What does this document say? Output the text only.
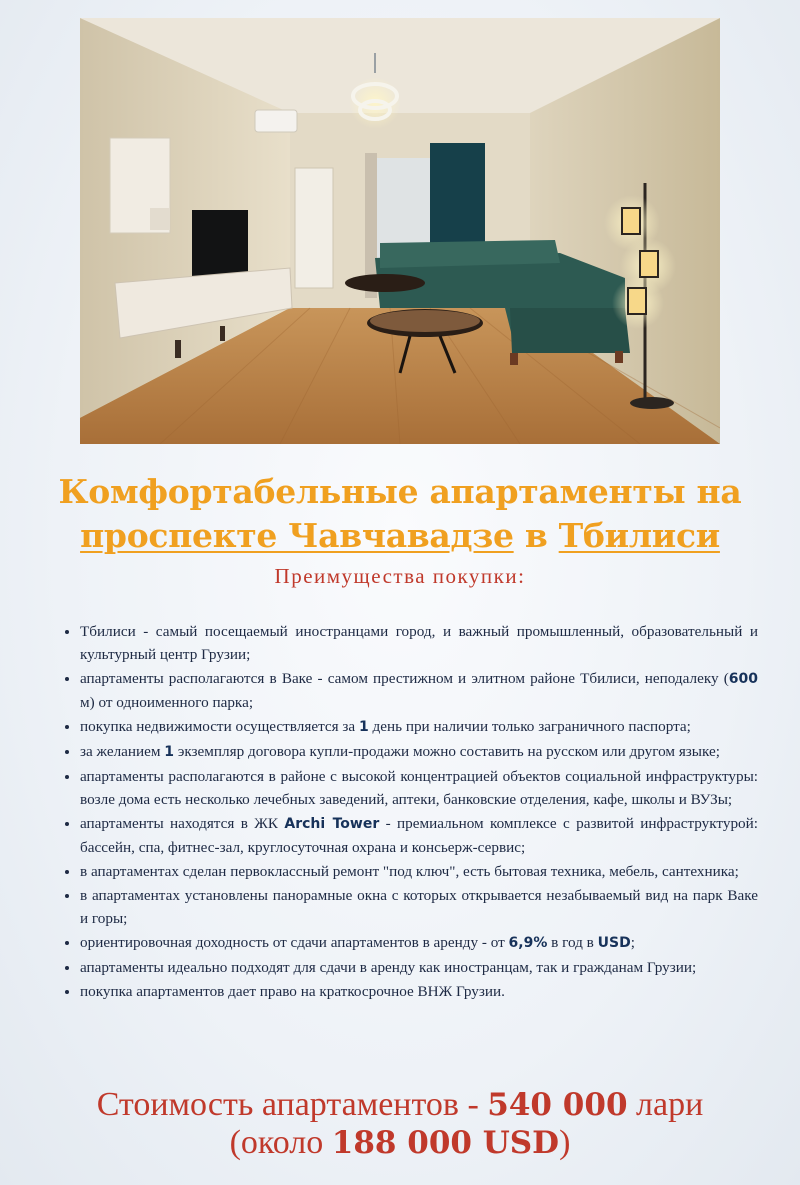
Комфортабельные апартаменты на
проспекте Чавчавадзе в Тбилиси
Преимущества покупки:
• Тбилиси - самый посещаемый иностранцами город, и важный промышленный, образовательный и культурный центр Грузии;
• апартаменты располагаются в Ваке - самом престижном и элитном районе Тбилиси, неподалеку (600 м) от одноименного парка;
• покупка недвижимости осуществляется за 1 день при наличии только заграничного паспорта;
• за желанием 1 экземпляр договора купли-продажи можно составить на русском или другом языке;
• апартаменты располагаются в районе с высокой концентрацией объектов социальной инфраструктуры: возле дома есть несколько лечебных заведений, аптеки, банковские отделения, кафе, школы и ВУЗы;
• апартаменты находятся в ЖК Archi Tower - премиальном комплексе с развитой инфраструктурой: бассейн, спа, фитнес-зал, круглосуточная охрана и консьерж-сервис;
• в апартаментах сделан первоклассный ремонт "под ключ", есть бытовая техника, мебель, сантехника;
• в апартаментах установлены панорамные окна с которых открывается незабываемый вид на парк Ваке и горы;
• ориентировочная доходность от сдачи апартаментов в аренду - от 6,9% в год в USD;
• апартаменты идеально подходят для сдачи в аренду как иностранцам, так и гражданам Грузии;
• покупка апартаментов дает право на краткосрочное ВНЖ Грузии.
Стоимость апартаментов - 540 000 лари
(около 188 000 USD)
